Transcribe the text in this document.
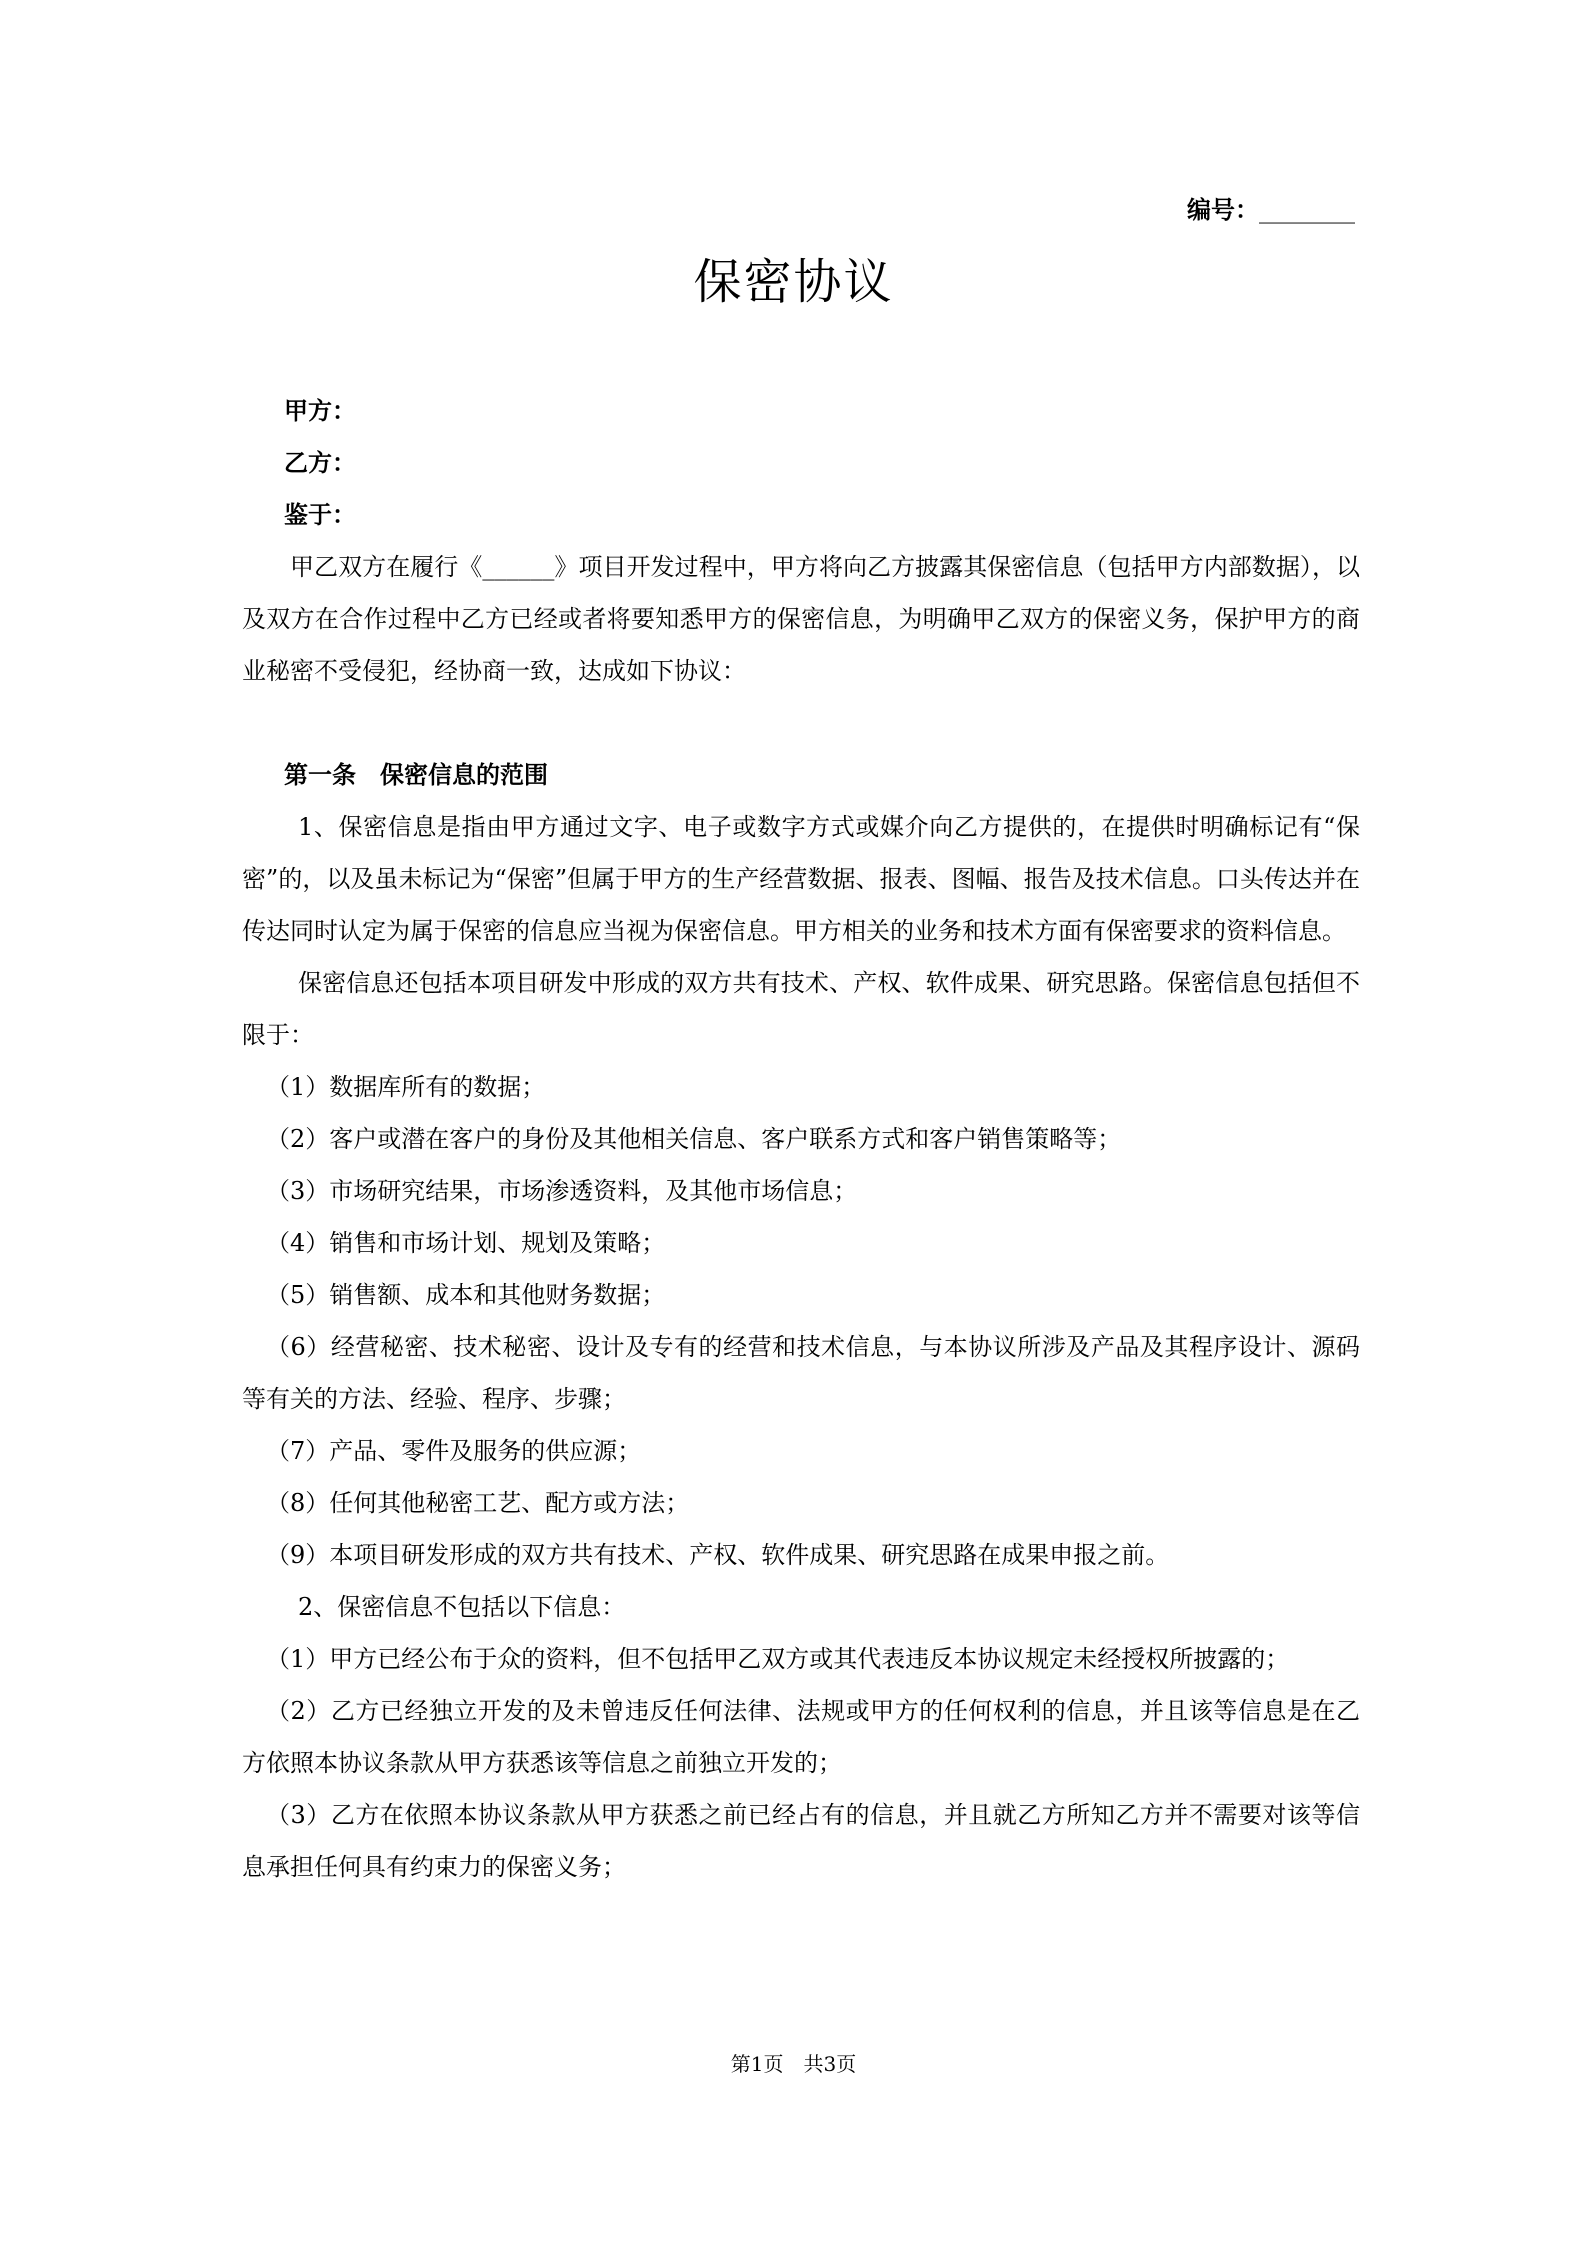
编号：________
保密协议

甲方：

乙方：

鉴于：

甲乙双方在履行《______》项目开发过程中，甲方将向乙方披露其保密信息（包括甲方内部数据），以及双方在合作过程中乙方已经或者将要知悉甲方的保密信息，为明确甲乙双方的保密义务，保护甲方的商业秘密不受侵犯，经协商一致，达成如下协议：

第一条　保密信息的范围

1、保密信息是指由甲方通过文字、电子或数字方式或媒介向乙方提供的，在提供时明确标记有“保密”的，以及虽未标记为“保密”但属于甲方的生产经营数据、报表、图幅、报告及技术信息。口头传达并在传达同时认定为属于保密的信息应当视为保密信息。甲方相关的业务和技术方面有保密要求的资料信息。

保密信息还包括本项目研发中形成的双方共有技术、产权、软件成果、研究思路。保密信息包括但不限于：

（1）数据库所有的数据；

（2）客户或潜在客户的身份及其他相关信息、客户联系方式和客户销售策略等；

（3）市场研究结果，市场渗透资料，及其他市场信息；

（4）销售和市场计划、规划及策略；

（5）销售额、成本和其他财务数据；

（6）经营秘密、技术秘密、设计及专有的经营和技术信息，与本协议所涉及产品及其程序设计、源码等有关的方法、经验、程序、步骤；

（7）产品、零件及服务的供应源；

（8）任何其他秘密工艺、配方或方法；

（9）本项目研发形成的双方共有技术、产权、软件成果、研究思路在成果申报之前。

2、保密信息不包括以下信息：

（1）甲方已经公布于众的资料，但不包括甲乙双方或其代表违反本协议规定未经授权所披露的；

（2）乙方已经独立开发的及未曾违反任何法律、法规或甲方的任何权利的信息，并且该等信息是在乙方依照本协议条款从甲方获悉该等信息之前独立开发的；

（3）乙方在依照本协议条款从甲方获悉之前已经占有的信息，并且就乙方所知乙方并不需要对该等信息承担任何具有约束力的保密义务；

第1页　共3页
